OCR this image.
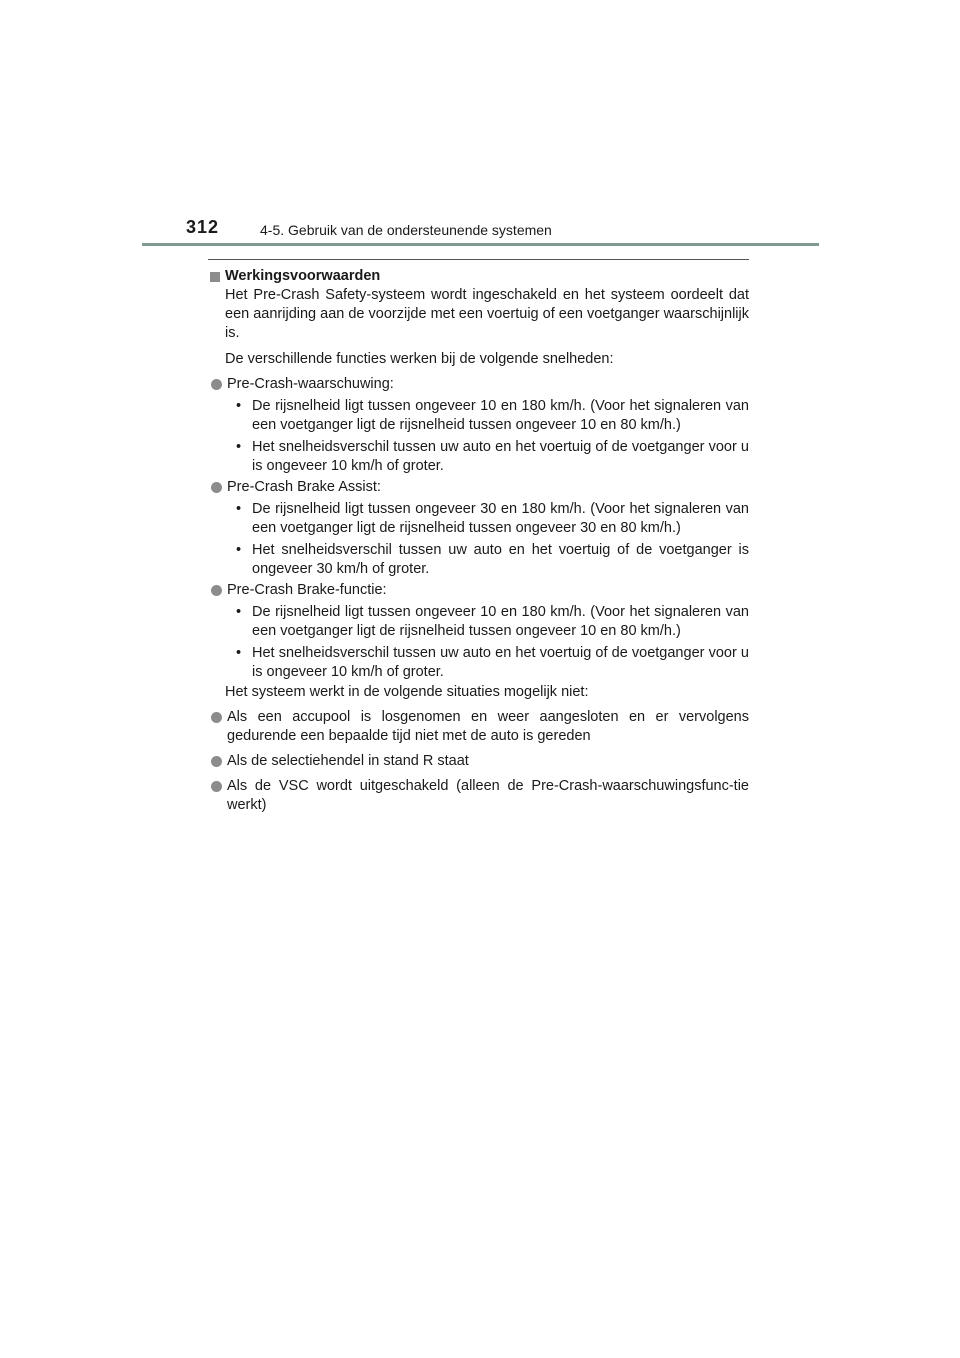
312	4-5. Gebruik van de ondersteunende systemen
Werkingsvoorwaarden
Het Pre-Crash Safety-systeem wordt ingeschakeld en het systeem oordeelt dat een aanrijding aan de voorzijde met een voertuig of een voetganger waarschijnlijk is.
De verschillende functies werken bij de volgende snelheden:
Pre-Crash-waarschuwing:
• De rijsnelheid ligt tussen ongeveer 10 en 180 km/h. (Voor het signaleren van een voetganger ligt de rijsnelheid tussen ongeveer 10 en 80 km/h.)
• Het snelheidsverschil tussen uw auto en het voertuig of de voetganger voor u is ongeveer 10 km/h of groter.
Pre-Crash Brake Assist:
• De rijsnelheid ligt tussen ongeveer 30 en 180 km/h. (Voor het signaleren van een voetganger ligt de rijsnelheid tussen ongeveer 30 en 80 km/h.)
• Het snelheidsverschil tussen uw auto en het voertuig of de voetganger is ongeveer 30 km/h of groter.
Pre-Crash Brake-functie:
• De rijsnelheid ligt tussen ongeveer 10 en 180 km/h. (Voor het signaleren van een voetganger ligt de rijsnelheid tussen ongeveer 10 en 80 km/h.)
• Het snelheidsverschil tussen uw auto en het voertuig of de voetganger voor u is ongeveer 10 km/h of groter.
Het systeem werkt in de volgende situaties mogelijk niet:
Als een accupool is losgenomen en weer aangesloten en er vervolgens gedurende een bepaalde tijd niet met de auto is gereden
Als de selectiehendel in stand R staat
Als de VSC wordt uitgeschakeld (alleen de Pre-Crash-waarschuwingsfunc-tie werkt)
